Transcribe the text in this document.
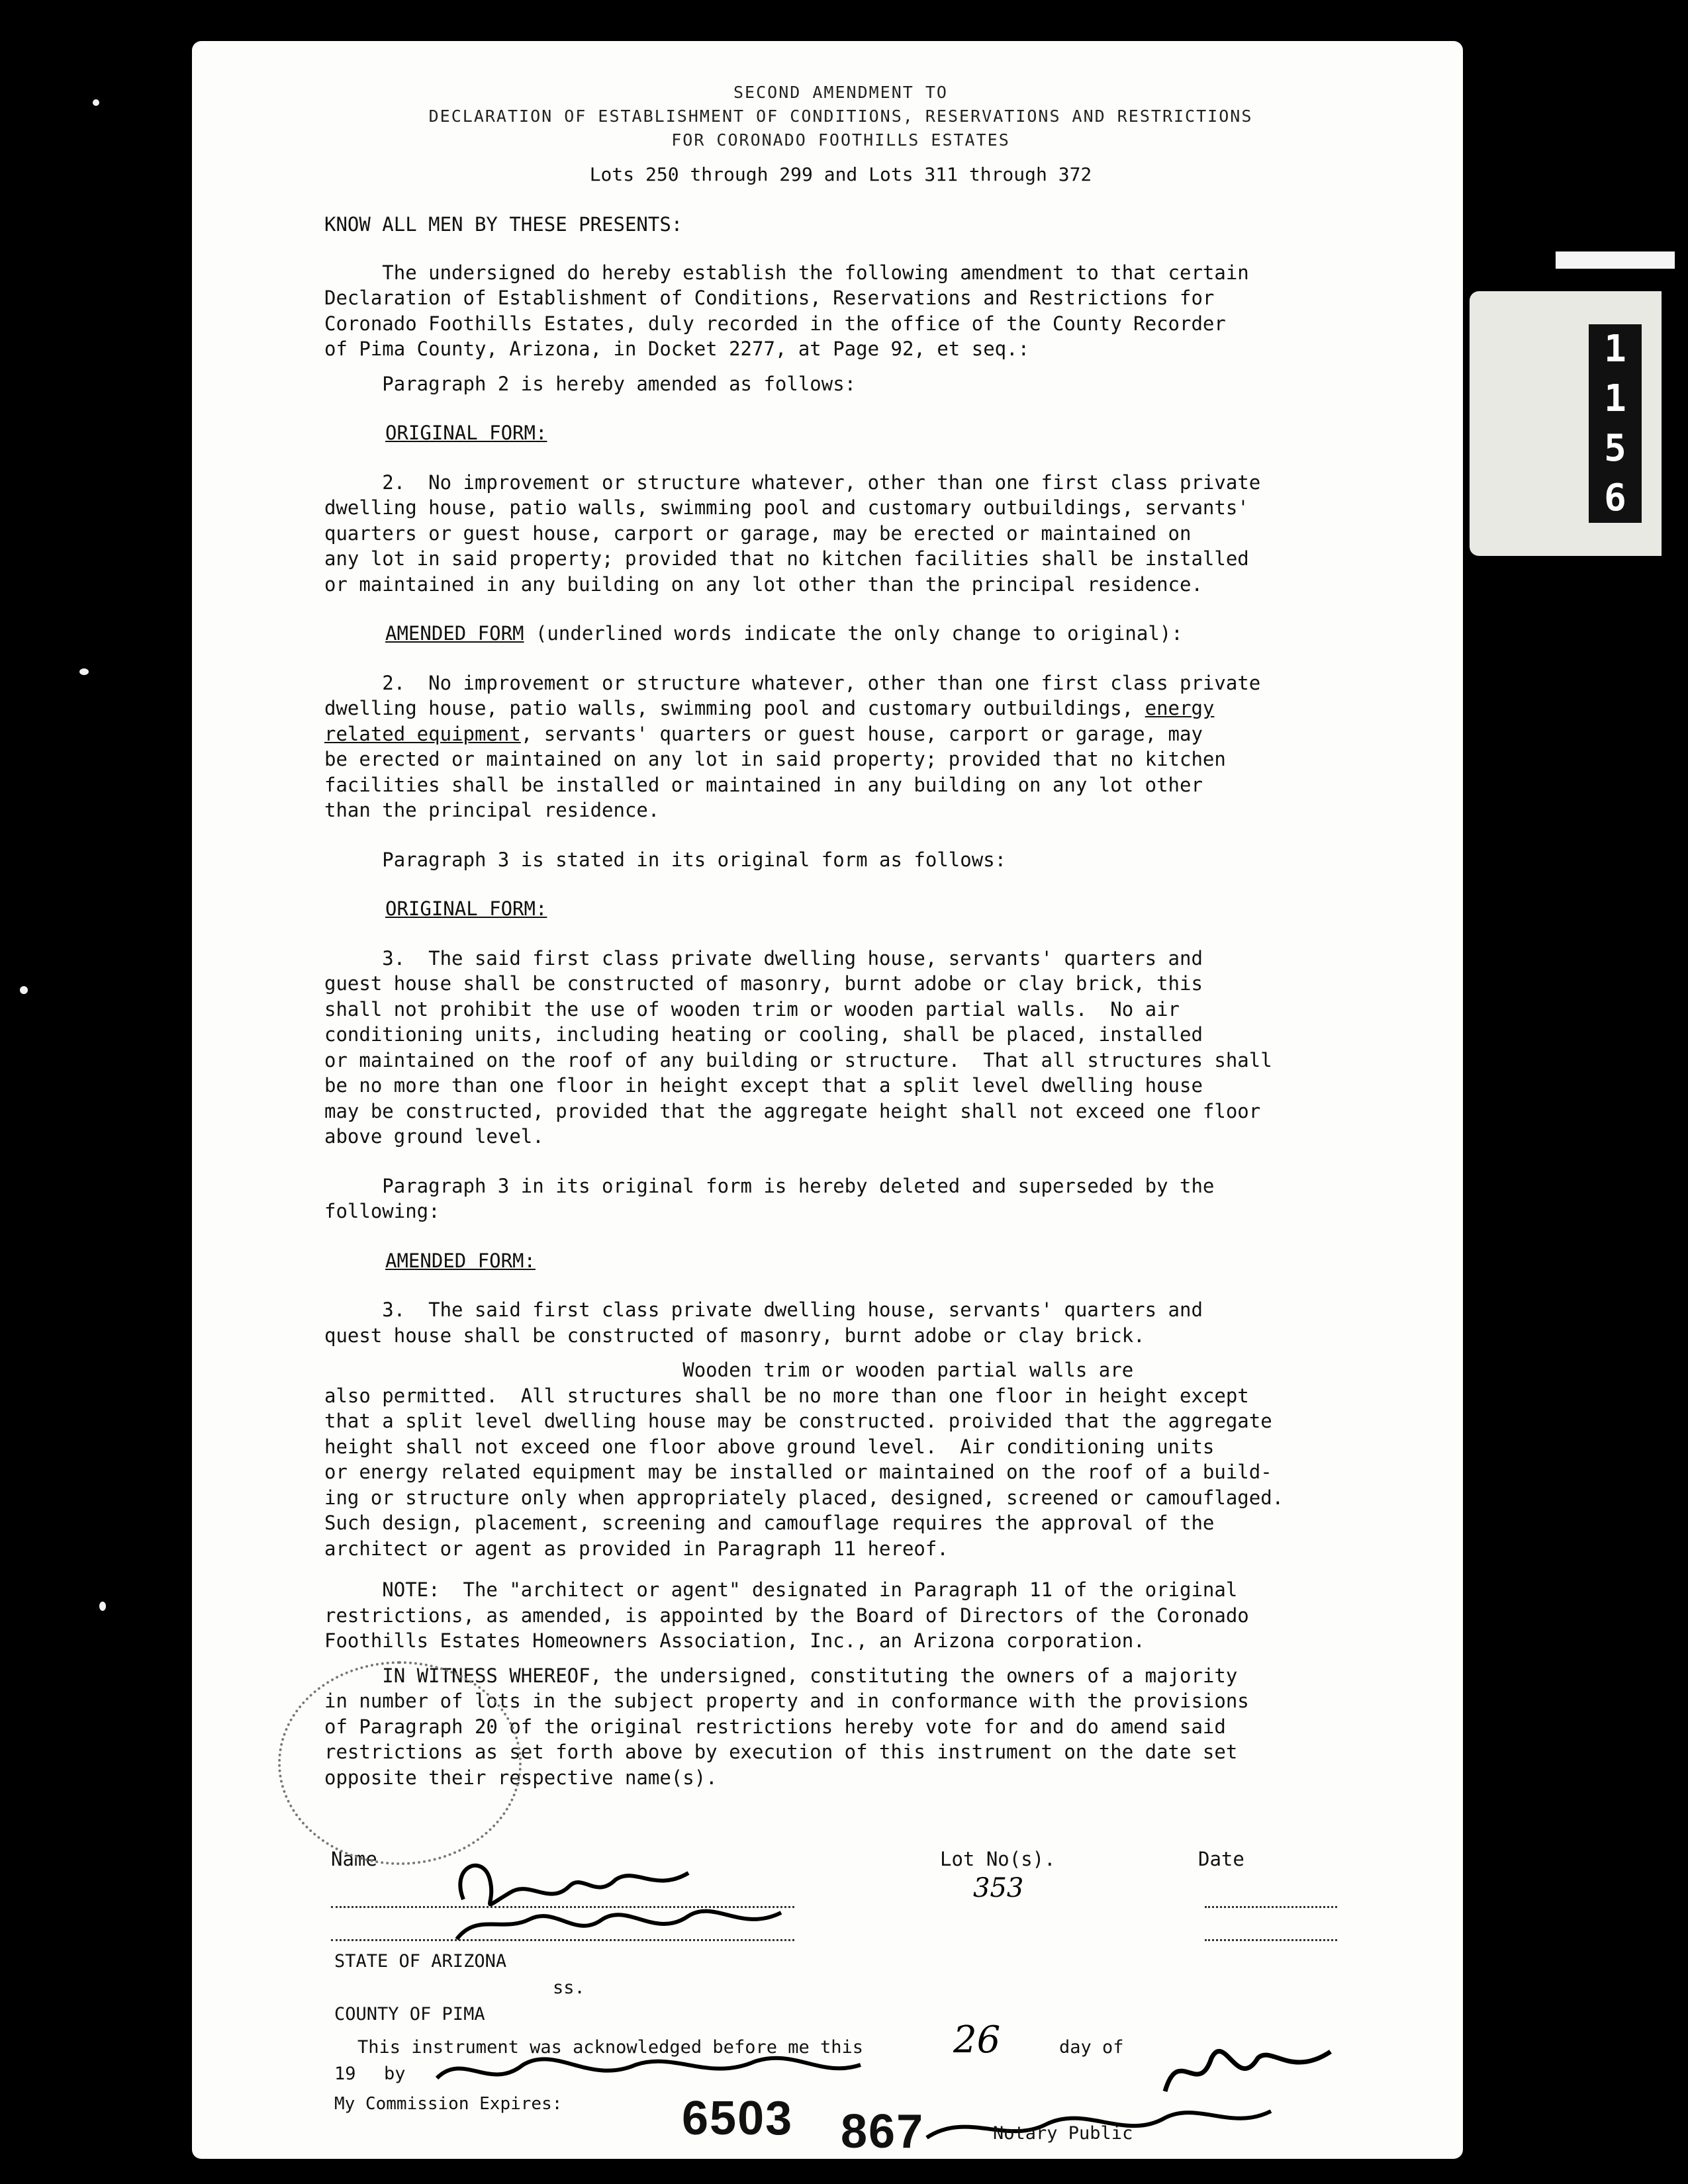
1
1
5
6
SECOND AMENDMENT TO
DECLARATION OF ESTABLISHMENT OF CONDITIONS, RESERVATIONS AND RESTRICTIONS
FOR CORONADO FOOTHILLS ESTATES
Lots 250 through 299 and Lots 311 through 372

KNOW ALL MEN BY THESE PRESENTS:

The undersigned do hereby establish the following amendment to that certain

Declaration of Establishment of Conditions, Reservations and Restrictions for

Coronado Foothills Estates, duly recorded in the office of the County Recorder

of Pima County, Arizona, in Docket 2277, at Page 92, et seq.:

Paragraph 2 is hereby amended as follows:

ORIGINAL FORM:

2.  No improvement or structure whatever, other than one first class private

dwelling house, patio walls, swimming pool and customary outbuildings, servants'

quarters or guest house, carport or garage, may be erected or maintained on

any lot in said property; provided that no kitchen facilities shall be installed

or maintained in any building on any lot other than the principal residence.

AMENDED FORM (underlined words indicate the only change to original):

2.  No improvement or structure whatever, other than one first class private

dwelling house, patio walls, swimming pool and customary outbuildings, energy

related equipment, servants' quarters or guest house, carport or garage, may

be erected or maintained on any lot in said property; provided that no kitchen

facilities shall be installed or maintained in any building on any lot other

than the principal residence.

Paragraph 3 is stated in its original form as follows:

ORIGINAL FORM:

3.  The said first class private dwelling house, servants' quarters and

guest house shall be constructed of masonry, burnt adobe or clay brick, this

shall not prohibit the use of wooden trim or wooden partial walls.  No air

conditioning units, including heating or cooling, shall be placed, installed

or maintained on the roof of any building or structure.  That all structures shall

be no more than one floor in height except that a split level dwelling house

may be constructed, provided that the aggregate height shall not exceed one floor

above ground level.

Paragraph 3 in its original form is hereby deleted and superseded by the

following:

AMENDED FORM:

3.  The said first class private dwelling house, servants' quarters and

quest house shall be constructed of masonry, burnt adobe or clay brick.

Wooden trim or wooden partial walls are

also permitted.  All structures shall be no more than one floor in height except

that a split level dwelling house may be constructed. proivided that the aggregate

height shall not exceed one floor above ground level.  Air conditioning units

or energy related equipment may be installed or maintained on the roof of a build-

ing or structure only when appropriately placed, designed, screened or camouflaged.

Such design, placement, screening and camouflage requires the approval of the

architect or agent as provided in Paragraph 11 hereof.

NOTE:  The "architect or agent" designated in Paragraph 11 of the original

restrictions, as amended, is appointed by the Board of Directors of the Coronado

Foothills Estates Homeowners Association, Inc., an Arizona corporation.

IN WITNESS WHEREOF, the undersigned, constituting the owners of a majority

in number of lots in the subject property and in conformance with the provisions

of Paragraph 20 of the original restrictions hereby vote for and do amend said

restrictions as set forth above by execution of this instrument on the date set

opposite their respective name(s).

Name	Lot No(s).	Date
353
STATE OF ARIZONA
ss.
COUNTY OF PIMA
This instrument was acknowledged before me this 26	day of
19 by
My Commission Expires:	6503 867	Notary Public
